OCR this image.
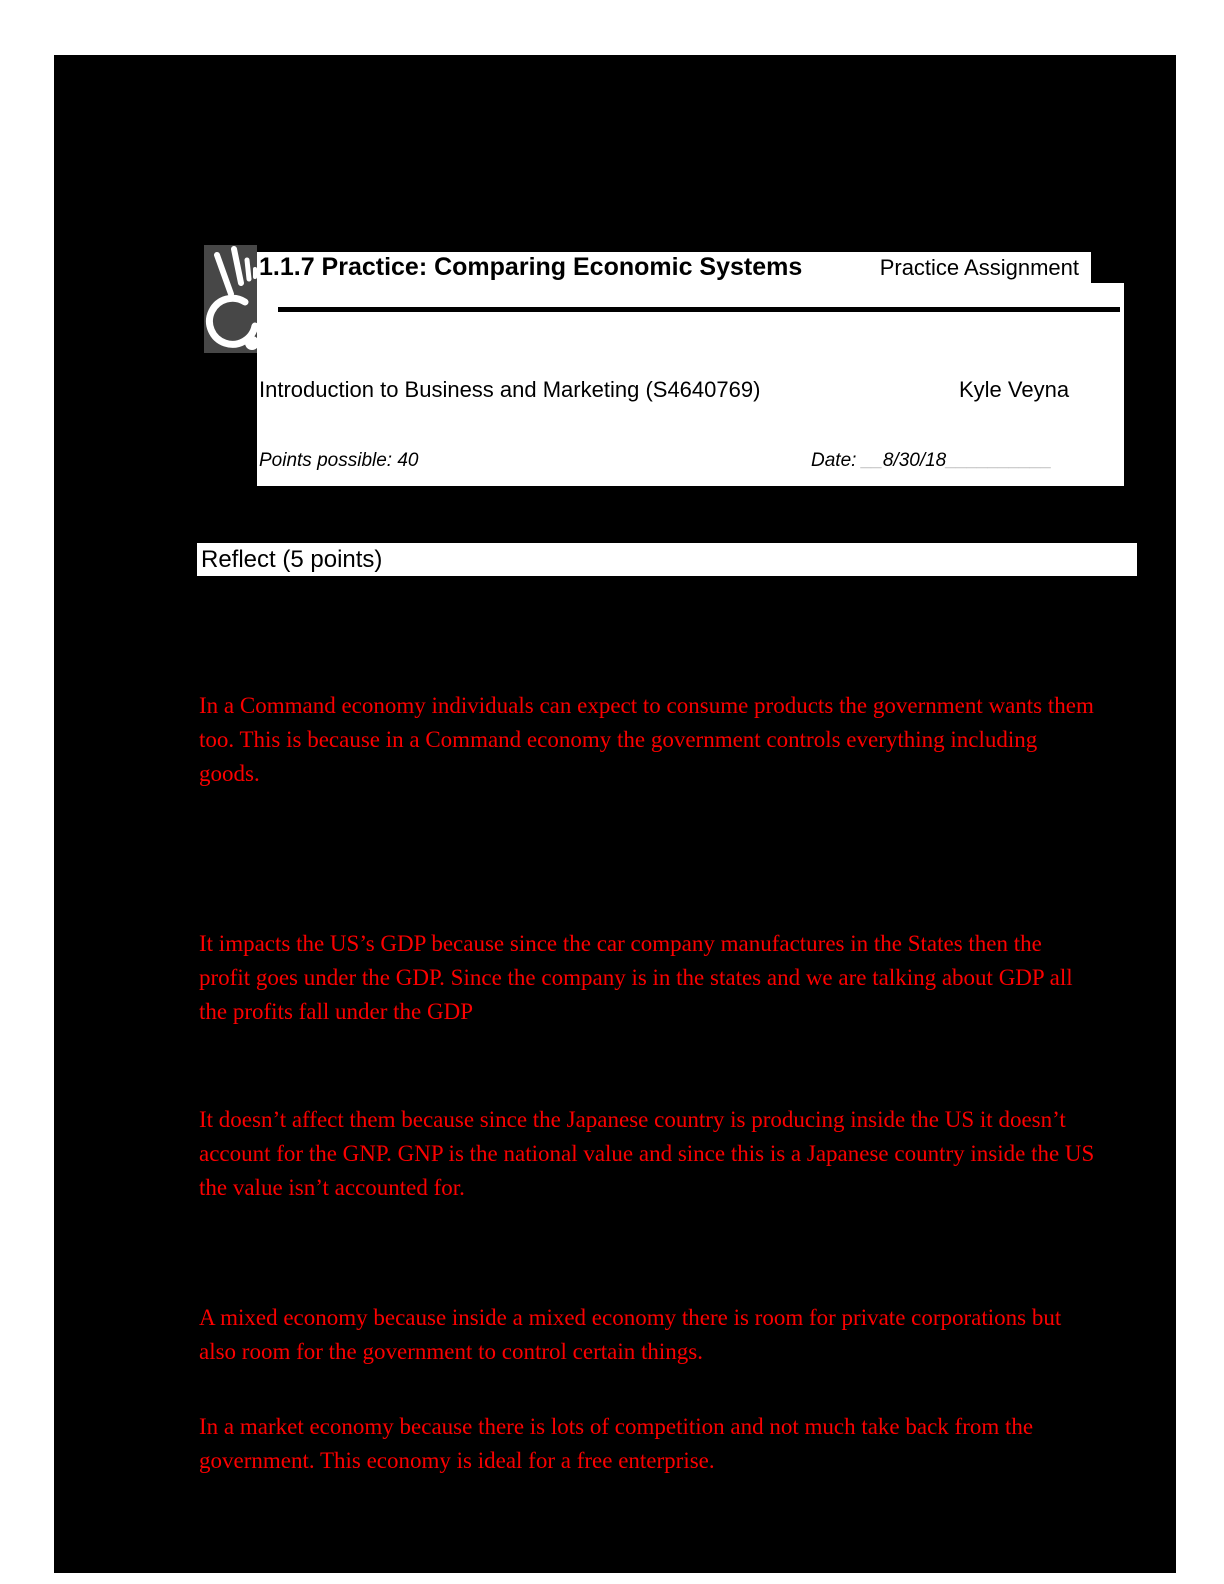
1.1.7 Practice: Comparing Economic Systems	Practice Assignment
Introduction to Business and Marketing (S4640769)	Kyle Veyna
Points possible: 40	Date: __8/30/18__________
Reflect (5 points)
In a Command economy individuals can expect to consume products the government wants them
too. This is because in a Command economy the government controls everything including
goods.
It impacts the US’s GDP because since the car company manufactures in the States then the
profit goes under the GDP. Since the company is in the states and we are talking about GDP all
the profits fall under the GDP
It doesn’t affect them because since the Japanese country is producing inside the US it doesn’t
account for the GNP. GNP is the national value and since this is a Japanese country inside the US
the value isn’t accounted for.
A mixed economy because inside a mixed economy there is room for private corporations but
also room for the government to control certain things.
In a market economy because there is lots of competition and not much take back from the
government. This economy is ideal for a free enterprise.
